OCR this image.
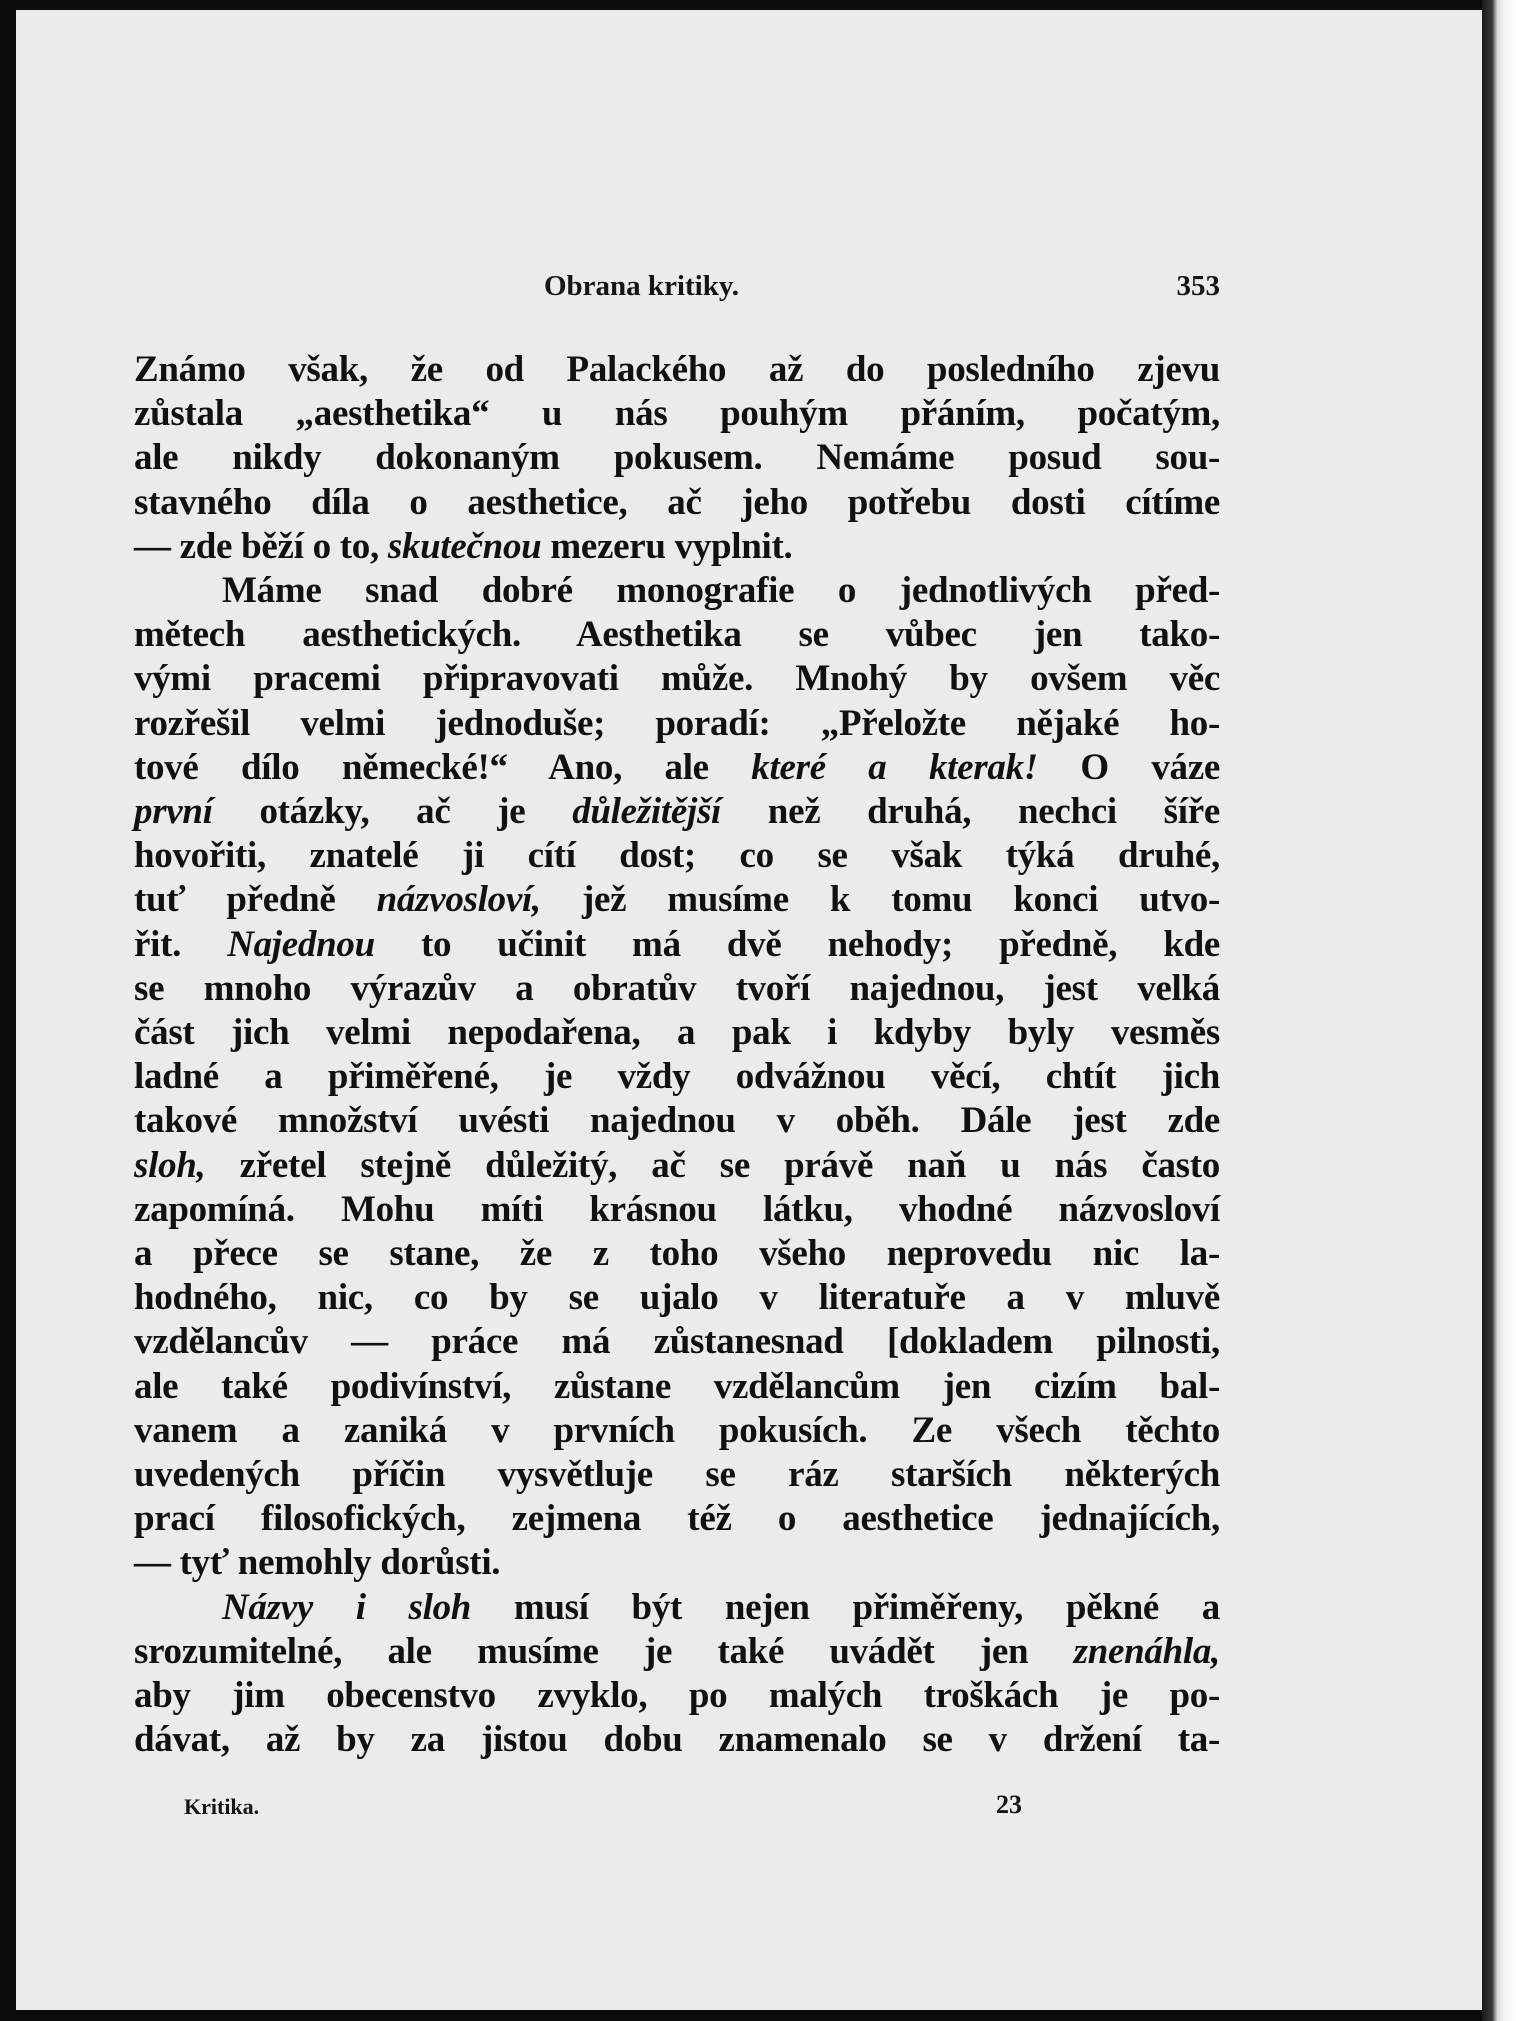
Obrana kritiky.	353
Známo však, že od Palackého až do posledního zjevu
zůstala „aesthetika“ u nás pouhým přáním, počatým,
ale nikdy dokonaným pokusem. Nemáme posud sou-
stavného díla o aesthetice, ač jeho potřebu dosti cítíme
— zde běží o to, skutečnou mezeru vyplnit.
Máme snad dobré monografie o jednotlivých před-
mětech aesthetických. Aesthetika se vůbec jen tako-
vými pracemi připravovati může. Mnohý by ovšem věc
rozřešil velmi jednoduše; poradí: „Přeložte nějaké ho-
tové dílo německé!“ Ano, ale které a kterak! O váze
první otázky, ač je důležitější než druhá, nechci šíře
hovořiti, znatelé ji cítí dost; co se však týká druhé,
tuť předně názvosloví, jež musíme k tomu konci utvo-
řit. Najednou to učinit má dvě nehody; předně, kde
se mnoho výrazův a obratův tvoří najednou, jest velká
část jich velmi nepodařena, a pak i kdyby byly vesměs
ladné a přiměřené, je vždy odvážnou věcí, chtít jich
takové množství uvésti najednou v oběh. Dále jest zde
sloh, zřetel stejně důležitý, ač se právě naň u nás často
zapomíná. Mohu míti krásnou látku, vhodné názvosloví
a přece se stane, že z toho všeho neprovedu nic la-
hodného, nic, co by se ujalo v literatuře a v mluvě
vzdělancův — práce má zůstanesnad [dokladem pilnosti,
ale také podivínství, zůstane vzdělancům jen cizím bal-
vanem a zaniká v prvních pokusích. Ze všech těchto
uvedených příčin vysvětluje se ráz starších některých
prací filosofických, zejmena též o aesthetice jednajících,
— tyť nemohly dorůsti.
Názvy i sloh musí být nejen přiměřeny, pěkné a
srozumitelné, ale musíme je také uvádět jen znenáhla,
aby jim obecenstvo zvyklo, po malých troškách je po-
dávat, až by za jistou dobu znamenalo se v držení ta-
Kritika.	23
